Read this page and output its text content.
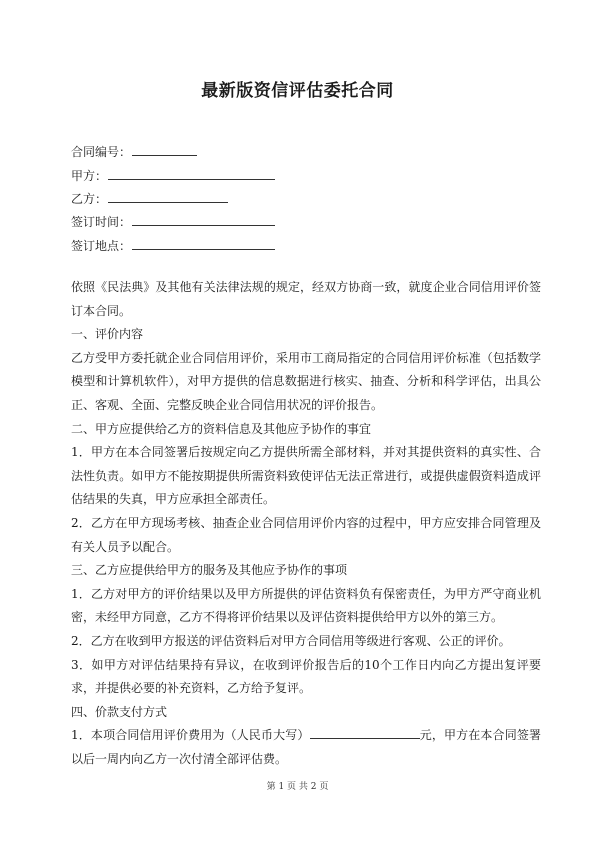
最新版资信评估委托合同
合同编号：
甲方：
乙方：
签订时间：
签订地点：

依照《民法典》及其他有关法律法规的规定，经双方协商一致，就度企业合同信用评价签订本合同。

一、评价内容

乙方受甲方委托就企业合同信用评价，采用市工商局指定的合同信用评价标准（包括数学模型和计算机软件），对甲方提供的信息数据进行核实、抽查、分析和科学评估，出具公正、客观、全面、完整反映企业合同信用状况的评价报告。

二、甲方应提供给乙方的资料信息及其他应予协作的事宜

1．甲方在本合同签署后按规定向乙方提供所需全部材料，并对其提供资料的真实性、合法性负责。如甲方不能按期提供所需资料致使评估无法正常进行，或提供虚假资料造成评估结果的失真，甲方应承担全部责任。

2．乙方在甲方现场考核、抽查企业合同信用评价内容的过程中，甲方应安排合同管理及有关人员予以配合。

三、乙方应提供给甲方的服务及其他应予协作的事项

1．乙方对甲方的评价结果以及甲方所提供的评估资料负有保密责任，为甲方严守商业机密，未经甲方同意，乙方不得将评价结果以及评估资料提供给甲方以外的第三方。

2．乙方在收到甲方报送的评估资料后对甲方合同信用等级进行客观、公正的评价。

3．如甲方对评估结果持有异议，在收到评价报告后的10个工作日内向乙方提出复评要求，并提供必要的补充资料，乙方给予复评。

四、价款支付方式

1．本项合同信用评价费用为（人民币大写）	元，甲方在本合同签署以后一周内向乙方一次付清全部评估费。

第 1 页 共 2 页
